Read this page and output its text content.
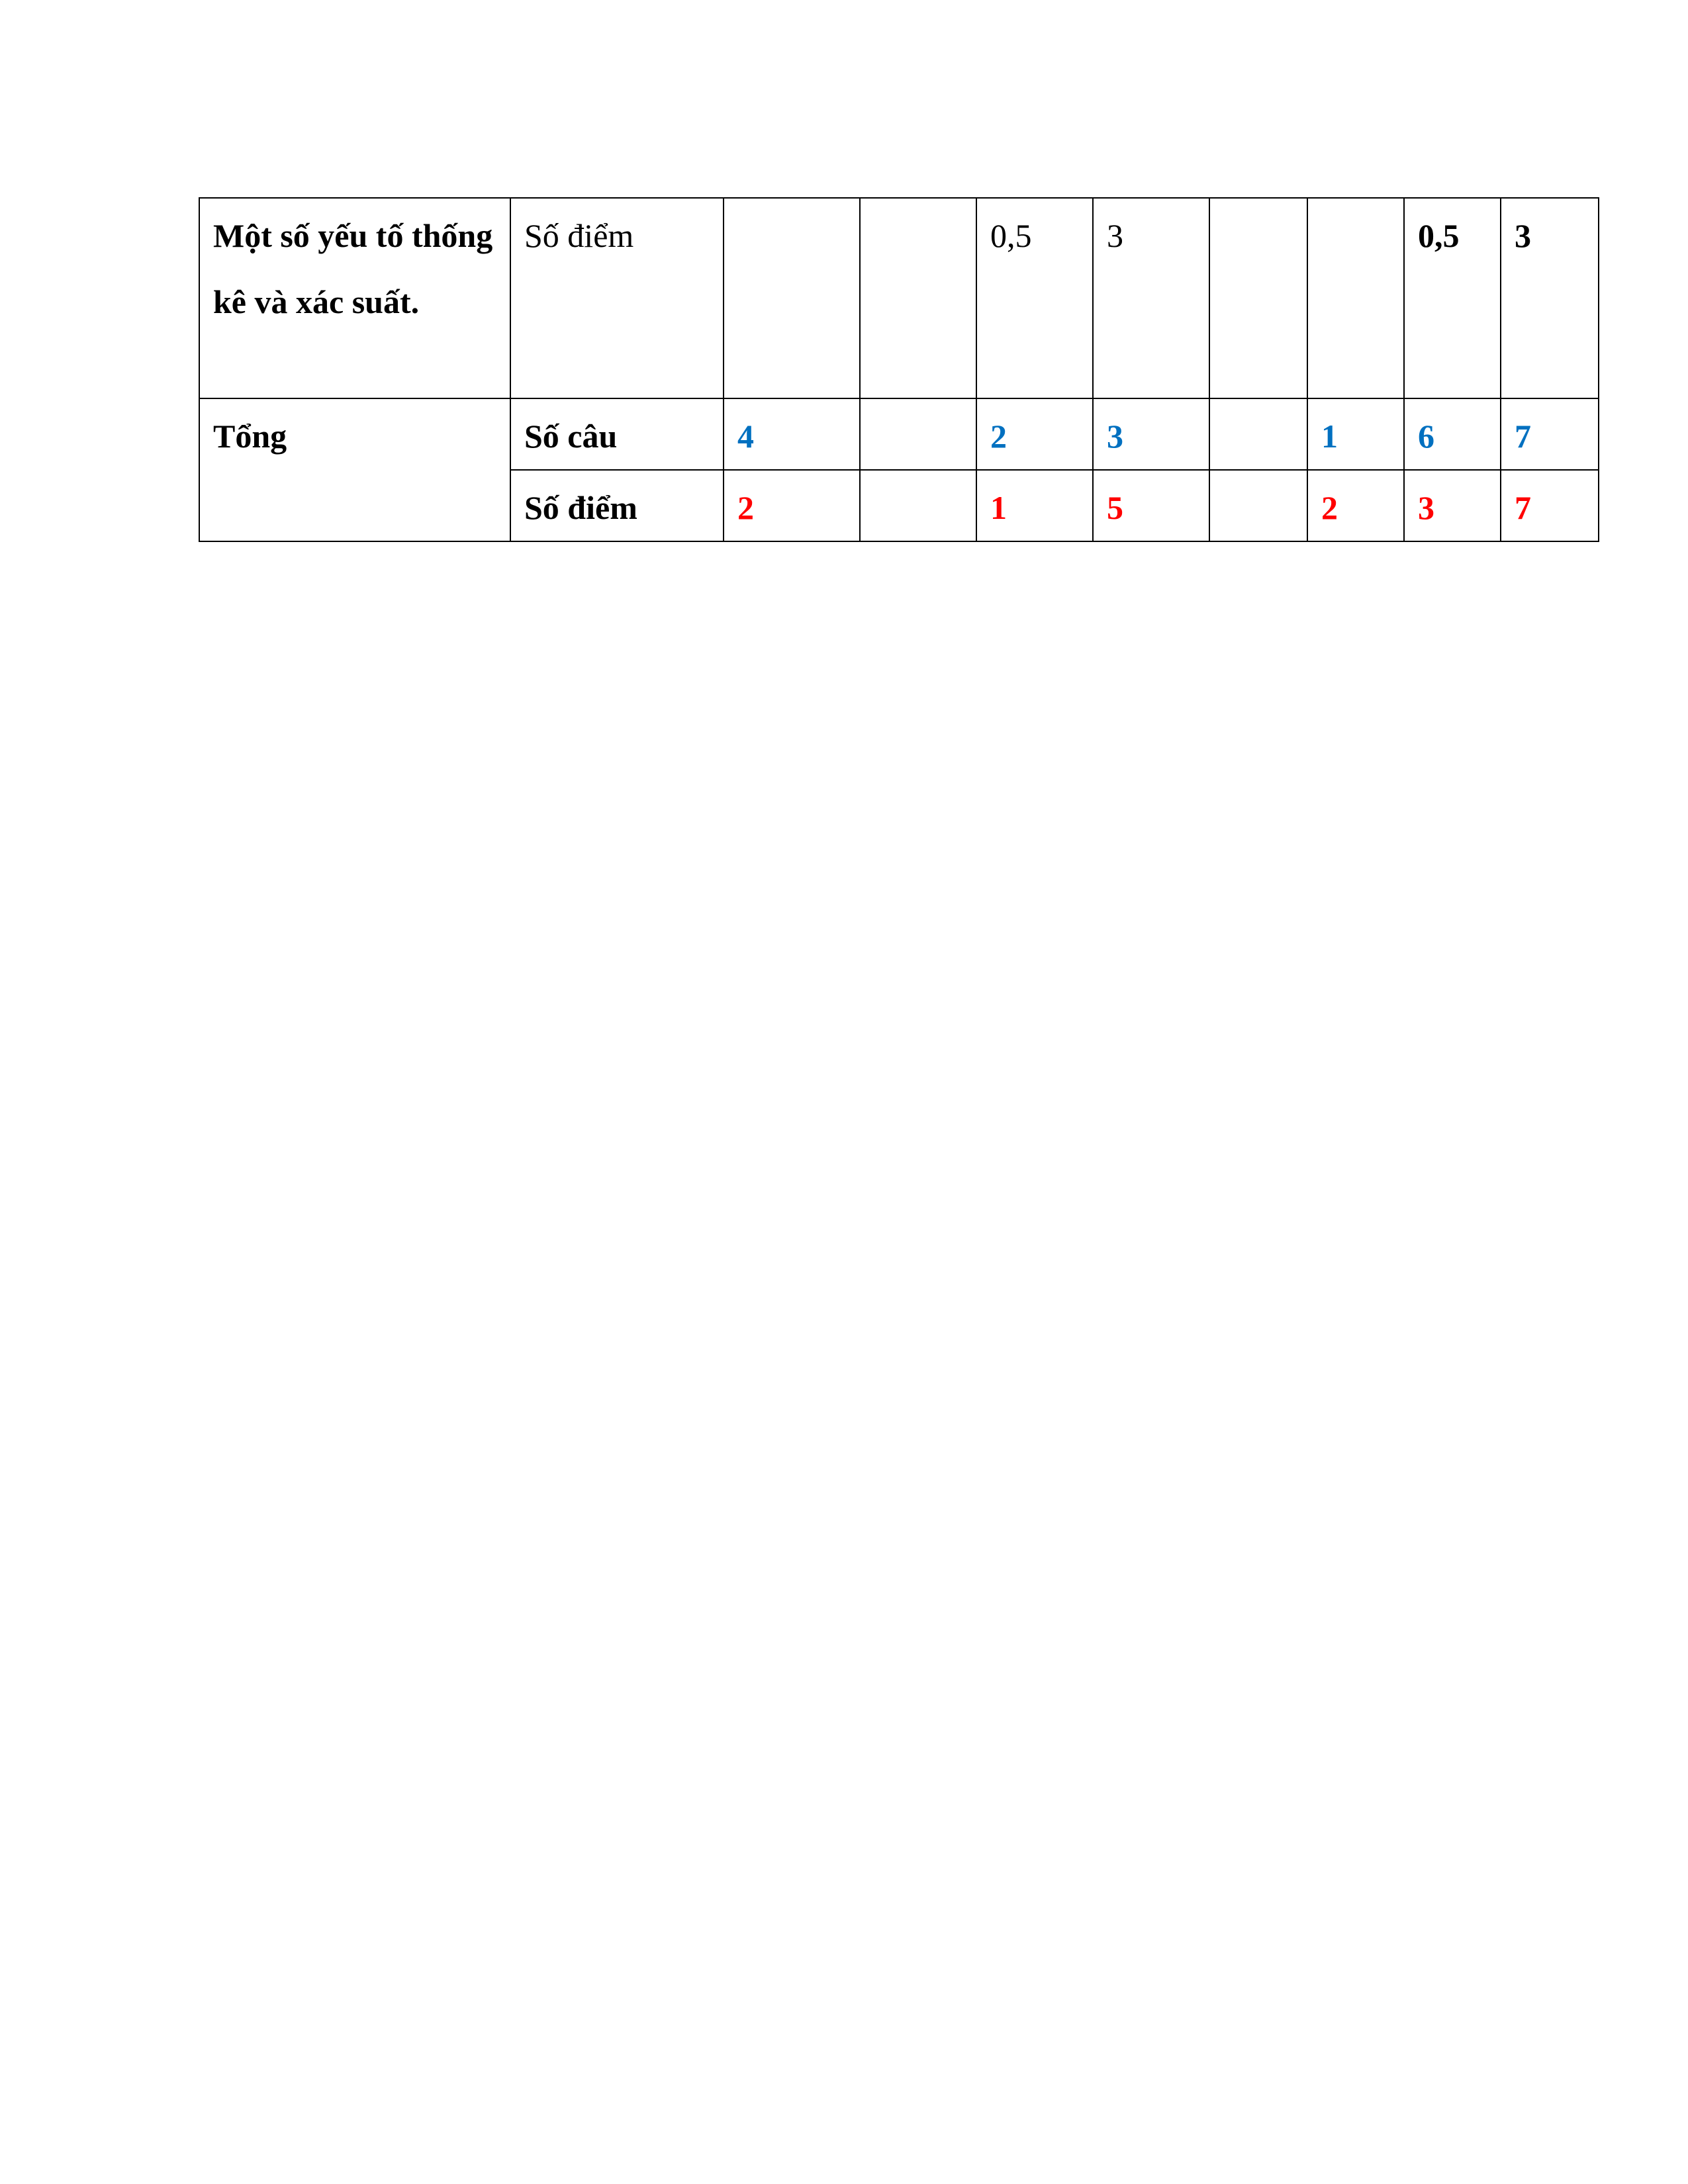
Một số yếu tố thống kê và xác suất.	Số điểm			0,5	3			0,5	3
Tổng	Số câu	4		2	3		1	6	7
	Số điểm	2		1	5		2	3	7
